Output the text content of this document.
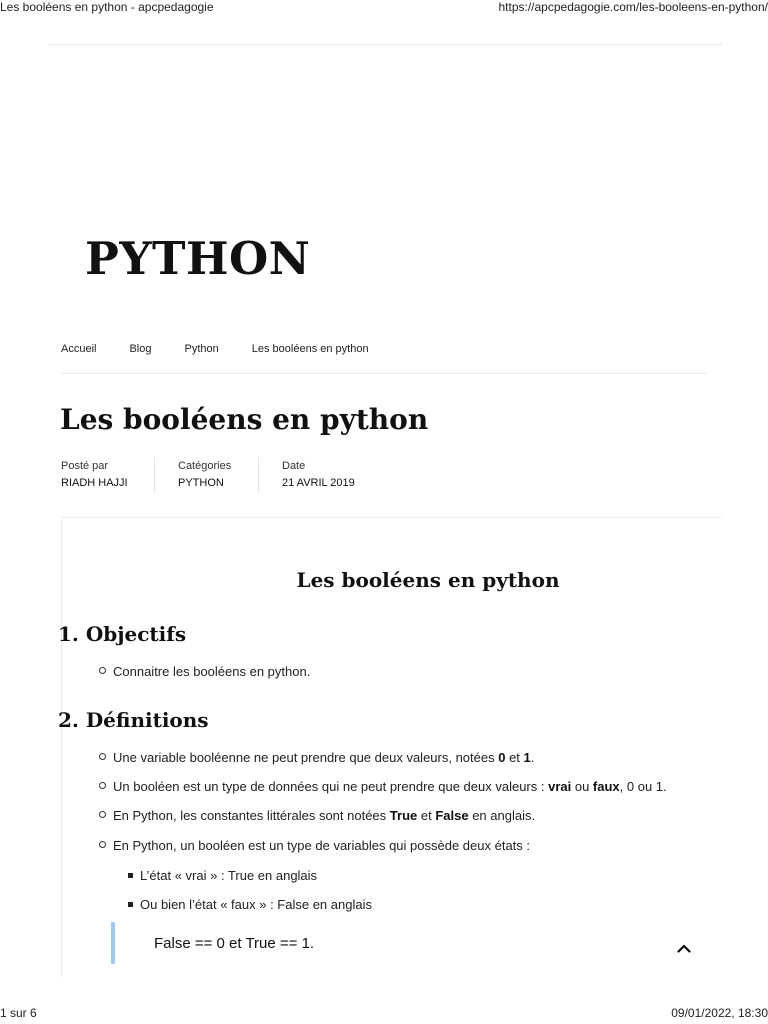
Les booléens en python - apcpedagogie	https://apcpedagogie.com/les-booleens-en-python/
PYTHON
Accueil	Blog	Python	Les booléens en python
Les booléens en python
Posté par
RIADH HAJJI
Catégories
PYTHON
Date
21 AVRIL 2019
Les booléens en python
1. Objectifs
Connaitre les booléens en python.
2. Définitions
Une variable booléenne ne peut prendre que deux valeurs, notées 0 et 1.
Un booléen est un type de données qui ne peut prendre que deux valeurs : vrai ou faux, 0 ou 1.
En Python, les constantes littérales sont notées True et False en anglais.
En Python, un booléen est un type de variables qui possède deux états :
L’état « vrai » : True en anglais
Ou bien l’état « faux » : False en anglais
False == 0 et True == 1.
1 sur 6	09/01/2022, 18:30
